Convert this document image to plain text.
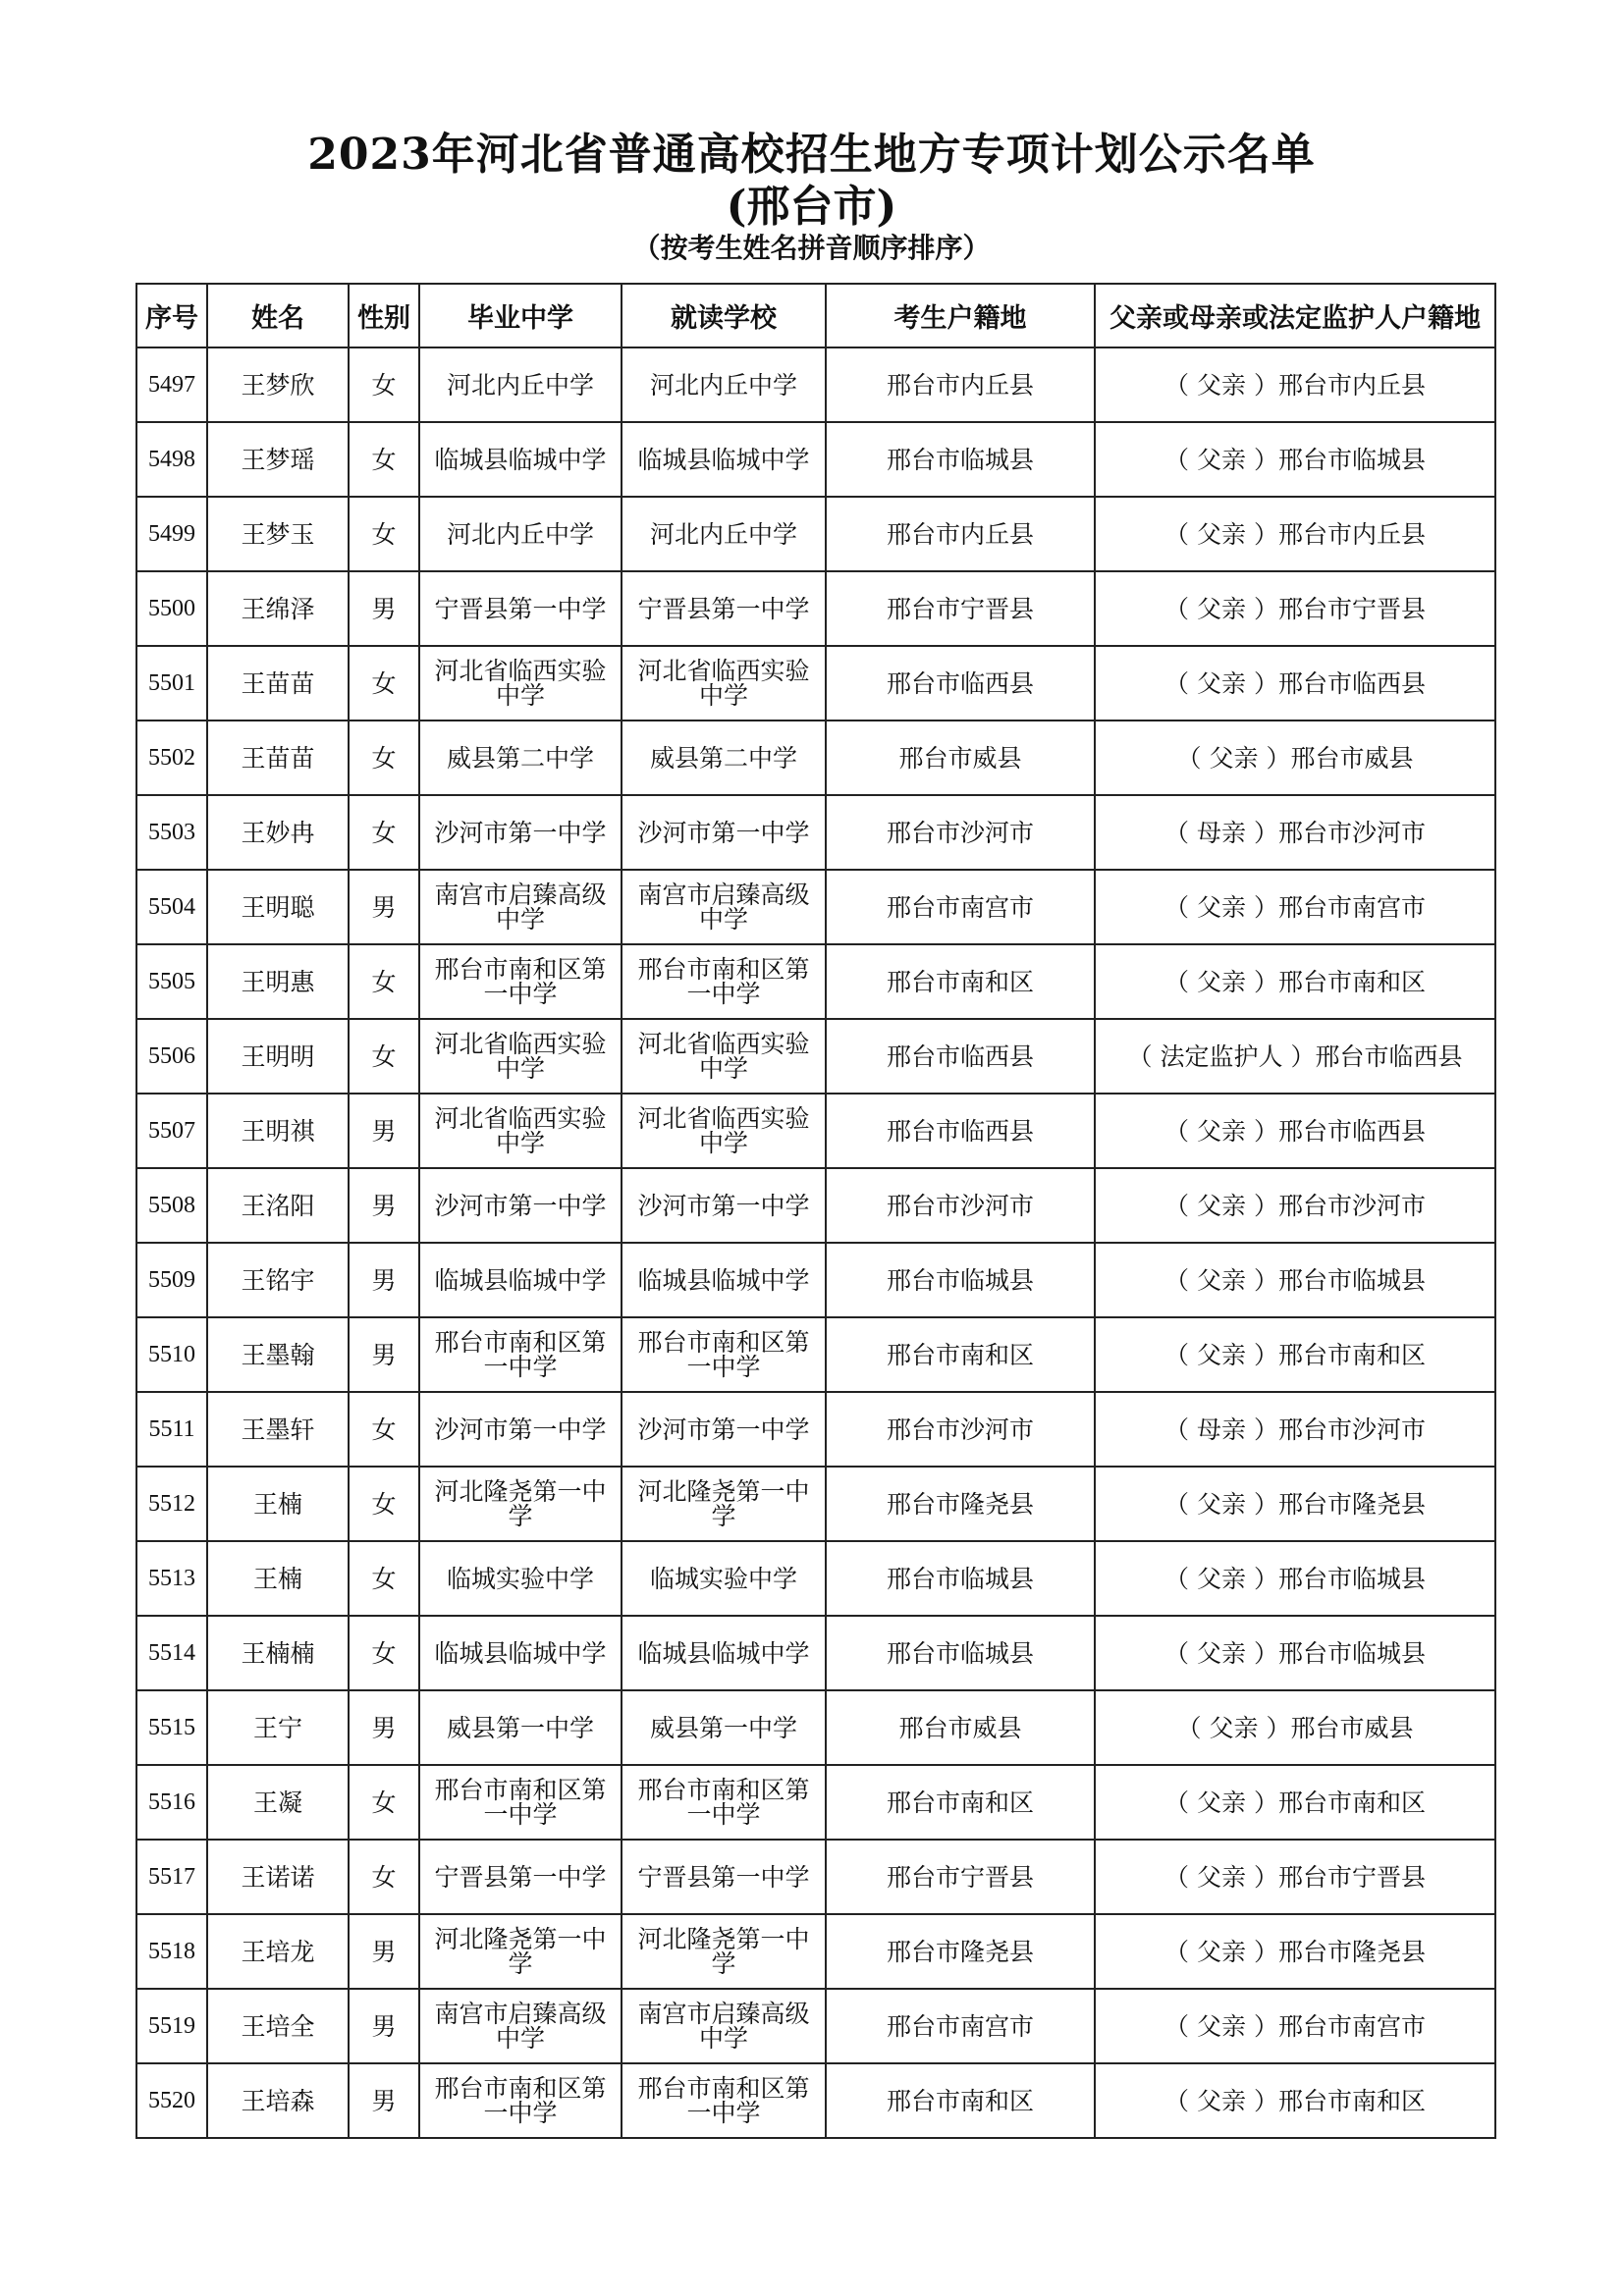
2023年河北省普通高校招生地方专项计划公示名单
(邢台市)
（按考生姓名拼音顺序排序）
序号	姓名	性别	毕业中学	就读学校	考生户籍地	父亲或母亲或法定监护人户籍地
5497	王梦欣	女	河北内丘中学	河北内丘中学	邢台市内丘县	（ 父亲 ）邢台市内丘县
5498	王梦瑶	女	临城县临城中学	临城县临城中学	邢台市临城县	（ 父亲 ）邢台市临城县
5499	王梦玉	女	河北内丘中学	河北内丘中学	邢台市内丘县	（ 父亲 ）邢台市内丘县
5500	王绵泽	男	宁晋县第一中学	宁晋县第一中学	邢台市宁晋县	（ 父亲 ）邢台市宁晋县
5501	王苗苗	女	河北省临西实验中学	河北省临西实验中学	邢台市临西县	（ 父亲 ）邢台市临西县
5502	王苗苗	女	威县第二中学	威县第二中学	邢台市威县	（ 父亲 ）邢台市威县
5503	王妙冉	女	沙河市第一中学	沙河市第一中学	邢台市沙河市	（ 母亲 ）邢台市沙河市
5504	王明聪	男	南宫市启臻高级中学	南宫市启臻高级中学	邢台市南宫市	（ 父亲 ）邢台市南宫市
5505	王明惠	女	邢台市南和区第一中学	邢台市南和区第一中学	邢台市南和区	（ 父亲 ）邢台市南和区
5506	王明明	女	河北省临西实验中学	河北省临西实验中学	邢台市临西县	（ 法定监护人 ）邢台市临西县
5507	王明祺	男	河北省临西实验中学	河北省临西实验中学	邢台市临西县	（ 父亲 ）邢台市临西县
5508	王洺阳	男	沙河市第一中学	沙河市第一中学	邢台市沙河市	（ 父亲 ）邢台市沙河市
5509	王铭宇	男	临城县临城中学	临城县临城中学	邢台市临城县	（ 父亲 ）邢台市临城县
5510	王墨翰	男	邢台市南和区第一中学	邢台市南和区第一中学	邢台市南和区	（ 父亲 ）邢台市南和区
5511	王墨轩	女	沙河市第一中学	沙河市第一中学	邢台市沙河市	（ 母亲 ）邢台市沙河市
5512	王楠	女	河北隆尧第一中学	河北隆尧第一中学	邢台市隆尧县	（ 父亲 ）邢台市隆尧县
5513	王楠	女	临城实验中学	临城实验中学	邢台市临城县	（ 父亲 ）邢台市临城县
5514	王楠楠	女	临城县临城中学	临城县临城中学	邢台市临城县	（ 父亲 ）邢台市临城县
5515	王宁	男	威县第一中学	威县第一中学	邢台市威县	（ 父亲 ）邢台市威县
5516	王凝	女	邢台市南和区第一中学	邢台市南和区第一中学	邢台市南和区	（ 父亲 ）邢台市南和区
5517	王诺诺	女	宁晋县第一中学	宁晋县第一中学	邢台市宁晋县	（ 父亲 ）邢台市宁晋县
5518	王培龙	男	河北隆尧第一中学	河北隆尧第一中学	邢台市隆尧县	（ 父亲 ）邢台市隆尧县
5519	王培全	男	南宫市启臻高级中学	南宫市启臻高级中学	邢台市南宫市	（ 父亲 ）邢台市南宫市
5520	王培森	男	邢台市南和区第一中学	邢台市南和区第一中学	邢台市南和区	（ 父亲 ）邢台市南和区
